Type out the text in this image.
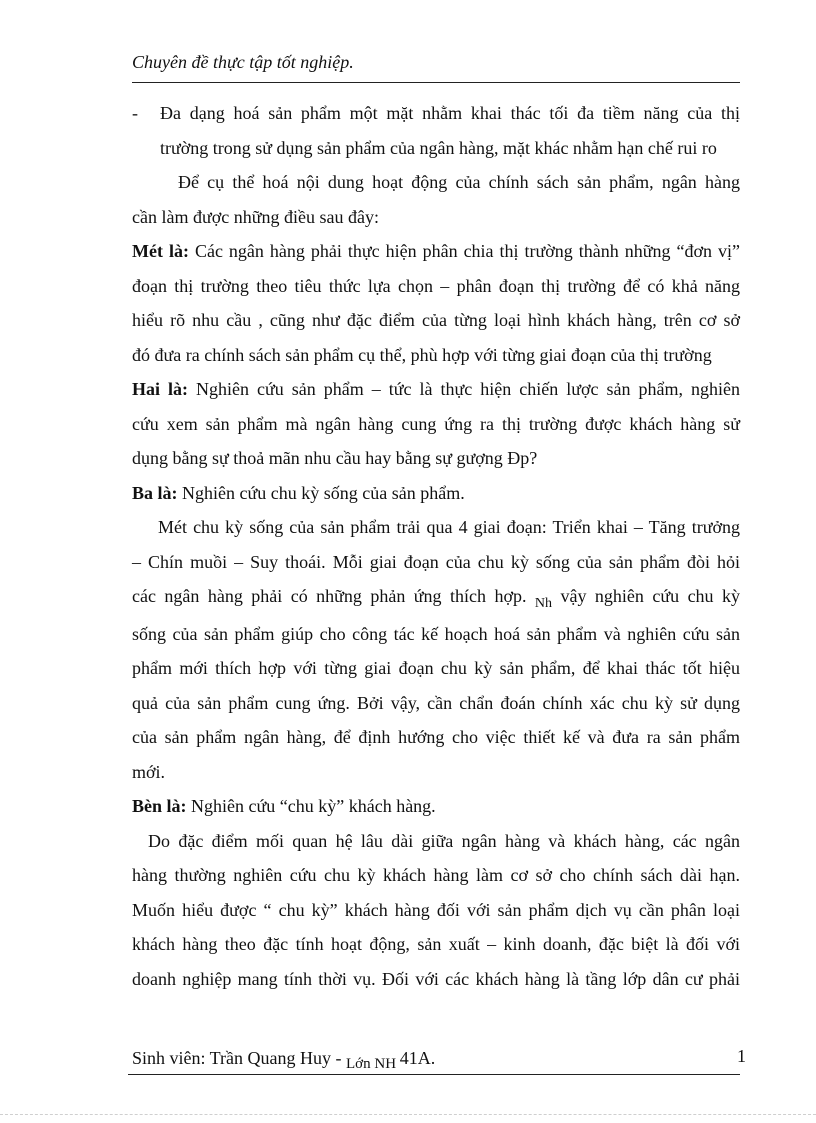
Chuyên đề thực tập tốt nghiệp.
- Đa dạng hoá sản phẩm một mặt nhằm khai thác tối đa tiềm năng của thị
trường trong sử dụng sản phẩm của ngân hàng, mặt khác nhằm hạn chế rui ro
Để cụ thể hoá nội dung hoạt động của chính sách sản phẩm, ngân hàng
cần làm được những điều sau đây:
Mét là: Các ngân hàng phải thực hiện phân chia thị trường thành những “đơn vị”
đoạn thị trường theo tiêu thức lựa chọn – phân đoạn thị trường để có khả năng
hiểu rõ nhu cầu , cũng như đặc điểm của từng loại hình khách hàng, trên cơ sở
đó đưa ra chính sách sản phẩm cụ thể, phù hợp với từng giai đoạn của thị trường
Hai là: Nghiên cứu sản phẩm – tức là thực hiện chiến lược sản phẩm, nghiên
cứu xem sản phẩm mà ngân hàng cung ứng ra thị trường được khách hàng sử
dụng bằng sự thoả mãn nhu cầu hay bằng sự gượng Đp?
Ba là: Nghiên cứu chu kỳ sống của sản phẩm.
Mét chu kỳ sống của sản phẩm trải qua 4 giai đoạn: Triển khai – Tăng trưởng
– Chín muồi – Suy thoái. Mỗi giai đoạn của chu kỳ sống của sản phẩm đòi hỏi
các ngân hàng phải có những phản ứng thích hợp. $_{Nh}$ vậy nghiên cứu chu kỳ
sống của sản phẩm giúp cho công tác kế hoạch hoá sản phẩm và nghiên cứu sản
phẩm mới thích hợp với từng giai đoạn chu kỳ sản phẩm, để khai thác tốt hiệu
quả của sản phẩm cung ứng. Bởi vậy, cần chẩn đoán chính xác chu kỳ sử dụng
của sản phẩm ngân hàng, để định hướng cho việc thiết kế và đưa ra sản phẩm
mới.
Bèn là: Nghiên cứu “chu kỳ” khách hàng.
Do đặc điểm mối quan hệ lâu dài giữa ngân hàng và khách hàng, các ngân
hàng thường nghiên cứu chu kỳ khách hàng làm cơ sở cho chính sách dài hạn.
Muốn hiểu được “ chu kỳ” khách hàng đối với sản phẩm dịch vụ cần phân loại
khách hàng theo đặc tính hoạt động, sản xuất – kinh doanh, đặc biệt là đối với
doanh nghiệp mang tính thời vụ. Đối với các khách hàng là tầng lớp dân cư phải
Sinh viên: Trần Quang Huy - $_{Lớn NH}$ 41A.	1
